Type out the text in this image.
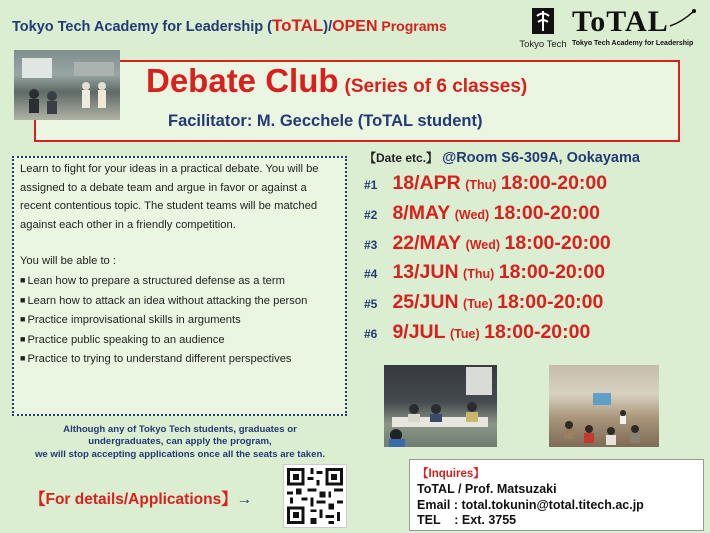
Tokyo Tech Academy for Leadership (ToTAL)/OPEN Programs
Tokyo Tech
ToTAL
Tokyo Tech Academy for Leadership
Debate Club (Series of 6 classes)
Facilitator: M. Gecchele (ToTAL student)
Learn to fight for your ideas in a practical debate. You will be assigned to a debate team and argue in favor or against a recent contentious topic. The student teams will be matched against each other in a friendly competition.
You will be able to :
■ Lean how to prepare a structured defense as a term
■ Learn how to attack an idea without attacking the person
■ Practice improvisational skills in arguments
■ Practice public speaking to an audience
■ Practice to trying to understand different perspectives
Although any of Tokyo Tech students, graduates or
undergraduates, can apply the program,
we will stop accepting applications once all the seats are taken.
【For details/Applications】→
【Date etc.】 @Room S6-309A, Ookayama
#1 18/APR (Thu) 18:00-20:00
#2 8/MAY (Wed) 18:00-20:00
#3 22/MAY (Wed) 18:00-20:00
#4 13/JUN (Thu) 18:00-20:00
#5 25/JUN (Tue) 18:00-20:00
#6 9/JUL (Tue) 18:00-20:00
【Inquires】
ToTAL / Prof. Matsuzaki
Email : total.tokunin@total.titech.ac.jp
TEL    : Ext. 3755
